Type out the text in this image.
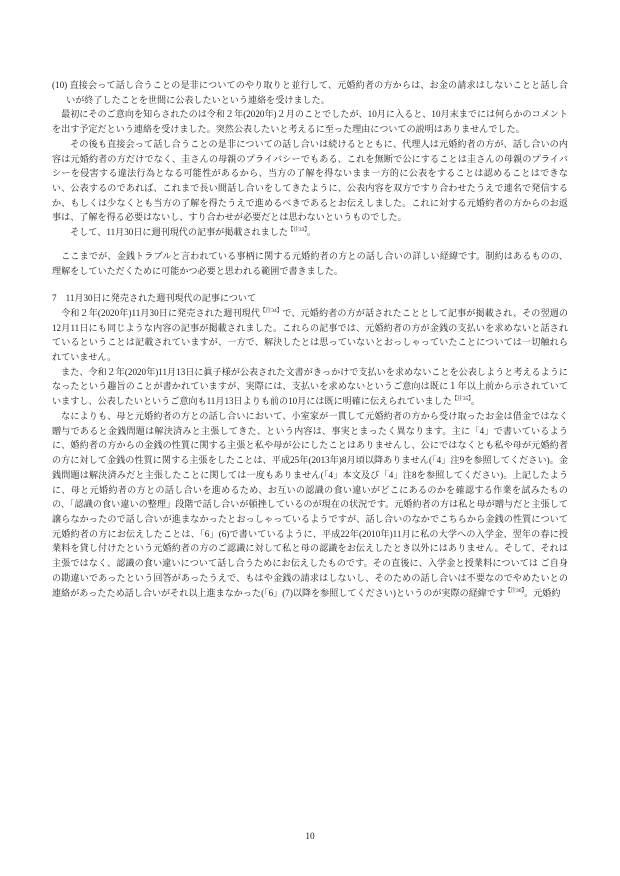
(10) 直接会って話し合うことの是非についてのやり取りと並行して、元婚約者の方からは、お金の請求はしないことと話し合いが終了したことを世間に公表したいという連絡を受けました。

最初にそのご意向を知らされたのは令和２年(2020年)２月のことでしたが、10月に入ると、10月末までには何らかのコメントを出す予定だという連絡を受けました。突然公表したいと考えるに至った理由についての説明はありませんでした。

その後も直接会って話し合うことの是非についての話し合いは続けるとともに、代理人は元婚約者の方が、話し合いの内容は元婚約者の方だけでなく、圭さんの母親のプライバシーでもある、これを無断で公にすることは圭さんの母親のプライバシーを侵害する違法行為となる可能性があるから、当方の了解を得ないまま一方的に公表をすることは認めることはできない、公表するのであれば、これまで長い間話し合いをしてきたように、公表内容を双方ですり合わせたうえで連名で発信するか、もしくは少なくとも当方の了解を得たうえで進めるべきであるとお伝えしました。これに対する元婚約者の方からのお返事は、了解を得る必要はないし、すり合わせが必要だとは思わないというものでした。

そして、11月30日に週刊現代の記事が掲載されました$^{【注33】}$。

ここまでが、金銭トラブルと言われている事柄に関する元婚約者の方との話し合いの詳しい経緯です。制約はあるものの、理解をしていただくために可能かつ必要と思われる範囲で書きました。

7　11月30日に発売された週刊現代の記事について

令和２年(2020年)11月30日に発売された週刊現代$^{【注34】}$で、元婚約者の方が話されたこととして記事が掲載され、その翌週の12月11日にも同じような内容の記事が掲載されました。これらの記事では、元婚約者の方が金銭の支払いを求めないと話されているということは記載されていますが、一方で、解決したとは思っていないとおっしゃっていたことについては一切触れられていません。

また、令和２年(2020年)11月13日に眞子様が公表された文書がきっかけで支払いを求めないことを公表しようと考えるようになったという趣旨のことが書かれていますが、実際には、支払いを求めないというご意向は既に１年以上前から示されていていますし、公表したいというご意向も11月13日よりも前の10月には既に明確に伝えられていました$^{【注35】}$。

なによりも、母と元婚約者の方との話し合いにおいて、小室家が一貫して元婚約者の方から受け取ったお金は借金ではなく贈与であると金銭問題は解決済みと主張してきた、という内容は、事実とまったく異なります。主に「4」で書いているように、婚約者の方からの金銭の性質に関する主張と私や母が公にしたことはありませんし、公にではなくとも私や母が元婚約者の方に対して金銭の性質に関する主張をしたことは、平成25年(2013年)8月頃以降ありません(「4」注9を参照してください)。金銭問題は解決済みだと主張したことに関しては一度もありません(「4」本文及び「4」注8を参照してください)。上記したように、母と元婚約者の方との話し合いを進めるため、お互いの認識の食い違いがどこにあるのかを確認する作業を試みたものの、「認識の食い違いの整理」段階で話し合いが頓挫しているのが現在の状況です。元婚約者の方は私と母が贈与だと主張して譲らなかったので話し合いが進まなかったとおっしゃっているようですが、話し合いのなかでこちらから金銭の性質について元婚約者の方にお伝えしたことは、「6」(6)で書いているように、平成22年(2010年)11月に私の大学への入学金、翌年の春に授業料を貸し付けたという元婚約者の方のご認識に対して私と母の認識をお伝えしたとき以外にはありません。そして、それは主張ではなく、認識の食い違いについて話し合うためにお伝えしたものです。その直後に、入学金と授業料については ご自身の勘違いであったという回答があったうえで、もはや金銭の請求はしないし、そのための話し合いは不要なのでやめたいとの連絡があったため話し合いがそれ以上進まなかった(「6」(7)以降を参照してください)というのが実際の経緯です$^{【注36】}$。元婚約

10
